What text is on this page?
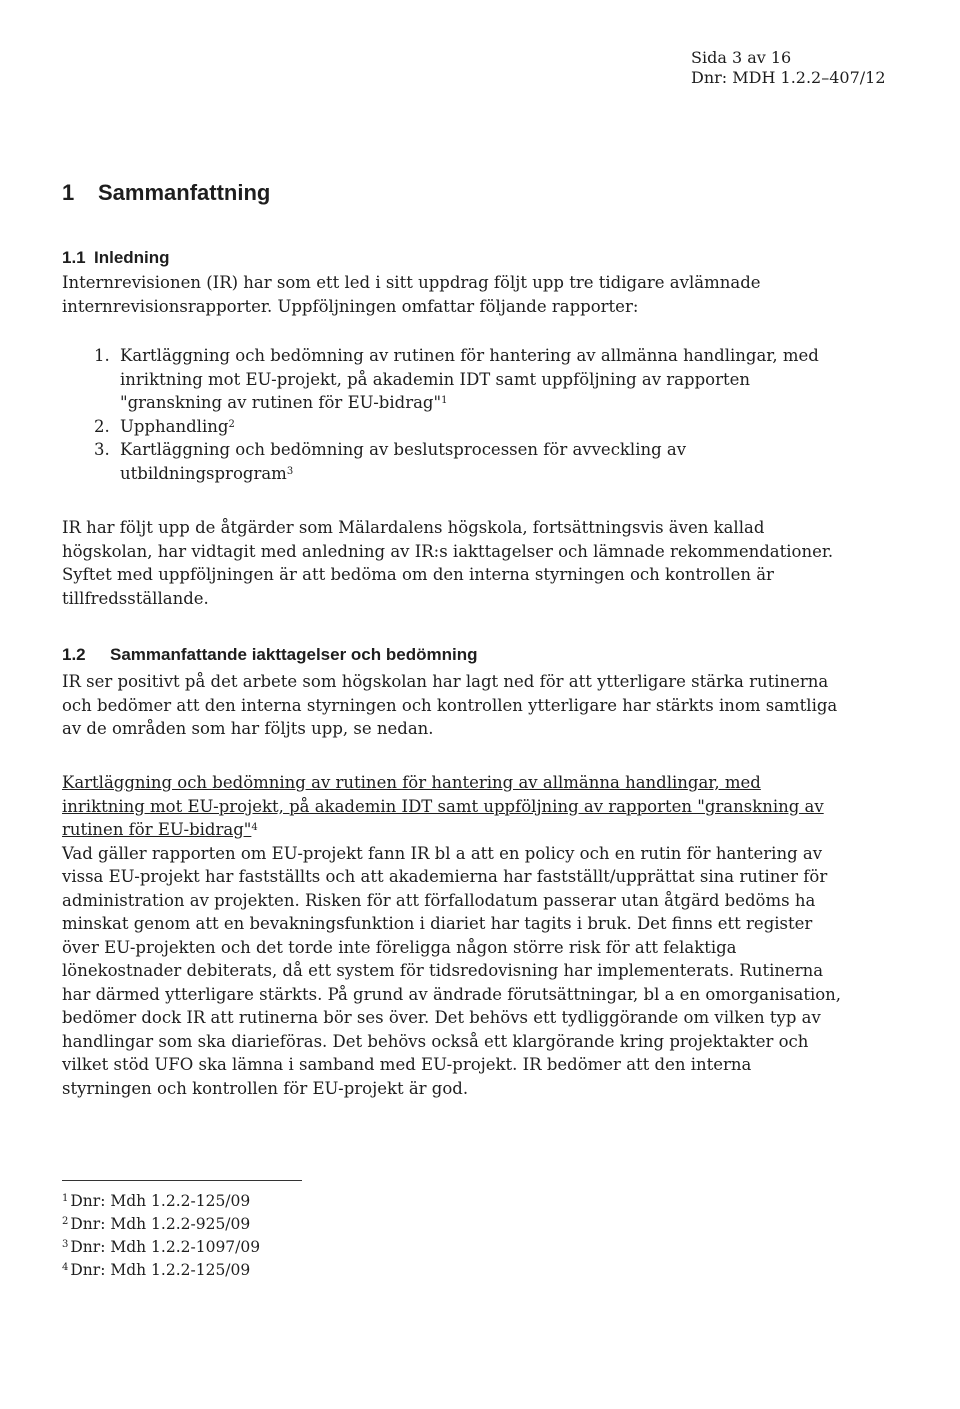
Sida 3 av 16
Dnr: MDH 1.2.2–407/12
1 Sammanfattning
1.1 Inledning
Internrevisionen (IR) har som ett led i sitt uppdrag följt upp tre tidigare avlämnade
internrevisionsrapporter. Uppföljningen omfattar följande rapporter:
1. Kartläggning och bedömning av rutinen för hantering av allmänna handlingar, med
inriktning mot EU-projekt, på akademin IDT samt uppföljning av rapporten
"granskning av rutinen för EU-bidrag"$^1$
2. Upphandling$^2$
3. Kartläggning och bedömning av beslutsprocessen för avveckling av
utbildningsprogram$^3$
IR har följt upp de åtgärder som Mälardalens högskola, fortsättningsvis även kallad
högskolan, har vidtagit med anledning av IR:s iakttagelser och lämnade rekommendationer.
Syftet med uppföljningen är att bedöma om den interna styrningen och kontrollen är
tillfredsställande.
1.2 Sammanfattande iakttagelser och bedömning
IR ser positivt på det arbete som högskolan har lagt ned för att ytterligare stärka rutinerna
och bedömer att den interna styrningen och kontrollen ytterligare har stärkts inom samtliga
av de områden som har följts upp, se nedan.
Kartläggning och bedömning av rutinen för hantering av allmänna handlingar, med
inriktning mot EU-projekt, på akademin IDT samt uppföljning av rapporten "granskning av
rutinen för EU-bidrag"$^4$
Vad gäller rapporten om EU-projekt fann IR bl a att en policy och en rutin för hantering av
vissa EU-projekt har fastställts och att akademierna har fastställt/upprättat sina rutiner för
administration av projekten. Risken för att förfallodatum passerar utan åtgärd bedöms ha
minskat genom att en bevakningsfunktion i diariet har tagits i bruk. Det finns ett register
över EU-projekten och det torde inte föreligga någon större risk för att felaktiga
lönekostnader debiterats, då ett system för tidsredovisning har implementerats. Rutinerna
har därmed ytterligare stärkts. På grund av ändrade förutsättningar, bl a en omorganisation,
bedömer dock IR att rutinerna bör ses över. Det behövs ett tydliggörande om vilken typ av
handlingar som ska diarieföras. Det behövs också ett klargörande kring projektakter och
vilket stöd UFO ska lämna i samband med EU-projekt. IR bedömer att den interna
styrningen och kontrollen för EU-projekt är god.
$^1$ Dnr: Mdh 1.2.2-125/09
$^2$ Dnr: Mdh 1.2.2-925/09
$^3$ Dnr: Mdh 1.2.2-1097/09
$^4$ Dnr: Mdh 1.2.2-125/09
